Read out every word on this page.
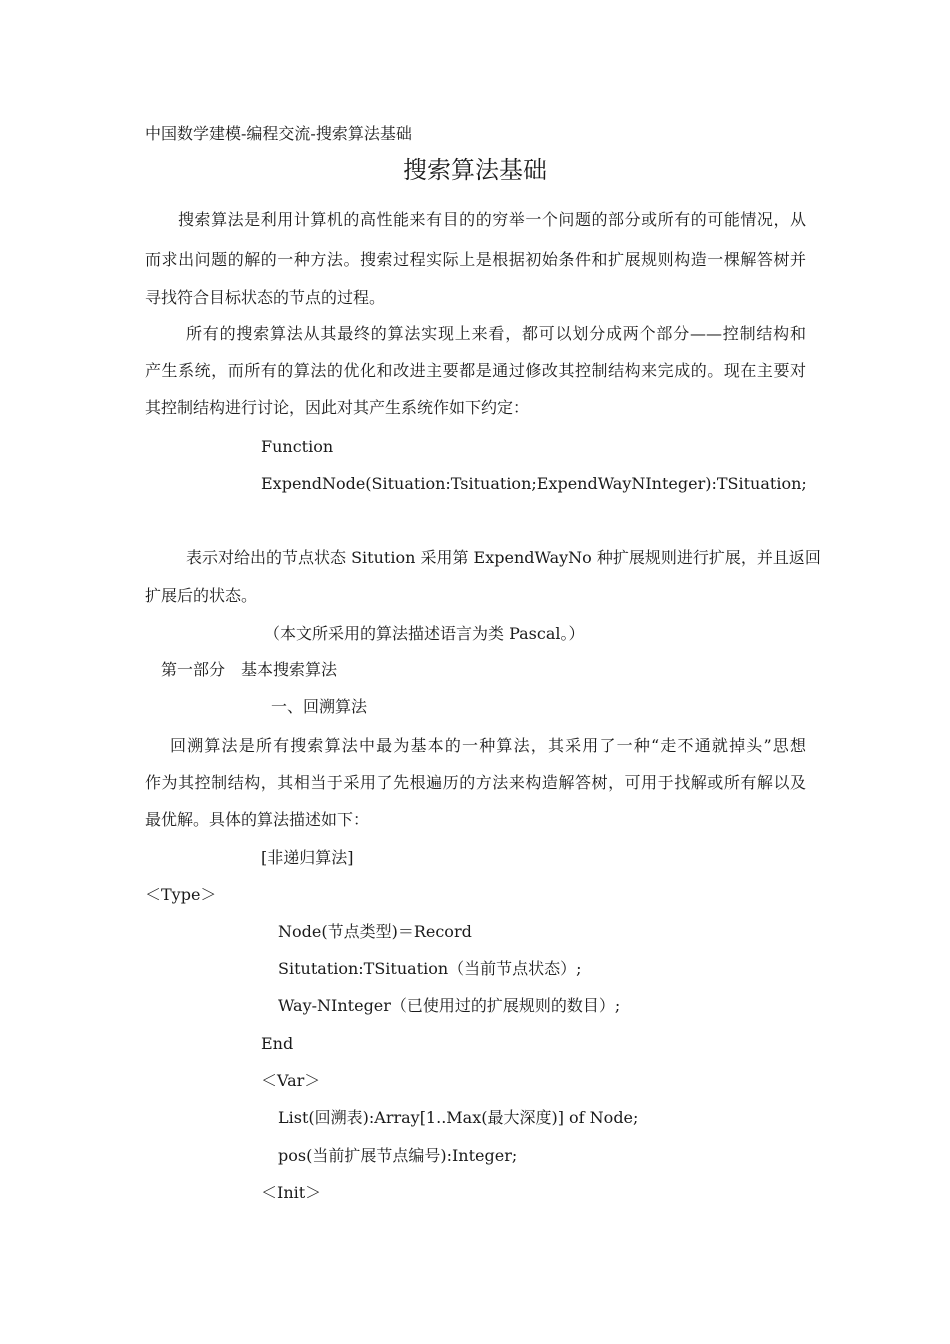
中国数学建模-编程交流-搜索算法基础
搜索算法基础
搜索算法是利用计算机的高性能来有目的的穷举一个问题的部分或所有的可能情况，从
而求出问题的解的一种方法。搜索过程实际上是根据初始条件和扩展规则构造一棵解答树并
寻找符合目标状态的节点的过程。
所有的搜索算法从其最终的算法实现上来看，都可以划分成两个部分——控制结构和
产生系统，而所有的算法的优化和改进主要都是通过修改其控制结构来完成的。现在主要对
其控制结构进行讨论，因此对其产生系统作如下约定：
Function
ExpendNode(Situation:Tsituation;ExpendWayNInteger):TSituation;
表示对给出的节点状态 Sitution 采用第 ExpendWayNo 种扩展规则进行扩展，并且返回
扩展后的状态。
（本文所采用的算法描述语言为类 Pascal。）
第一部分　基本搜索算法
一、回溯算法
回溯算法是所有搜索算法中最为基本的一种算法，其采用了一种“走不通就掉头”思想
作为其控制结构，其相当于采用了先根遍历的方法来构造解答树，可用于找解或所有解以及
最优解。具体的算法描述如下：
[非递归算法]
＜Type＞
Node(节点类型)＝Record
Situtation:TSituation（当前节点状态）;
Way-NInteger（已使用过的扩展规则的数目）;
End
＜Var＞
List(回溯表):Array[1..Max(最大深度)] of Node;
pos(当前扩展节点编号):Integer;
＜Init＞
